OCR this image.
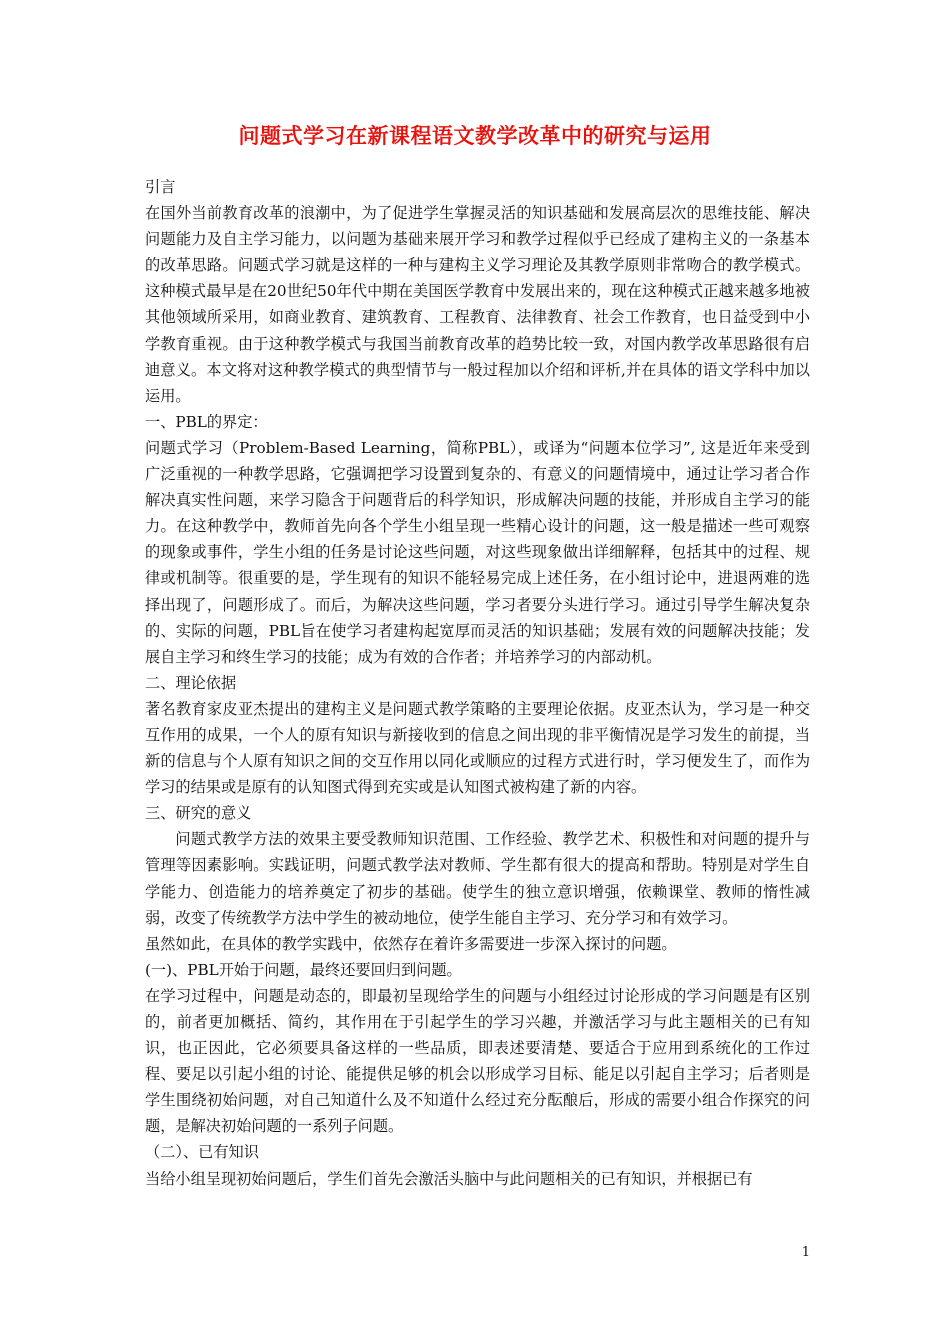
问题式学习在新课程语文教学改革中的研究与运用

引言

在国外当前教育改革的浪潮中，为了促进学生掌握灵活的知识基础和发展高层次的思维技能、解决问题能力及自主学习能力，以问题为基础来展开学习和教学过程似乎已经成了建构主义的一条基本的改革思路。问题式学习就是这样的一种与建构主义学习理论及其教学原则非常吻合的教学模式。这种模式最早是在20世纪50年代中期在美国医学教育中发展出来的，现在这种模式正越来越多地被其他领域所采用，如商业教育、建筑教育、工程教育、法律教育、社会工作教育，也日益受到中小学教育重视。由于这种教学模式与我国当前教育改革的趋势比较一致，对国内教学改革思路很有启迪意义。本文将对这种教学模式的典型情节与一般过程加以介绍和评析,并在具体的语文学科中加以运用。

一、PBL的界定：

问题式学习（Problem-Based Learning，简称PBL），或译为“问题本位学习”, 这是近年来受到广泛重视的一种教学思路，它强调把学习设置到复杂的、有意义的问题情境中，通过让学习者合作解决真实性问题，来学习隐含于问题背后的科学知识，形成解决问题的技能，并形成自主学习的能力。在这种教学中，教师首先向各个学生小组呈现一些精心设计的问题，这一般是描述一些可观察的现象或事件，学生小组的任务是讨论这些问题，对这些现象做出详细解释，包括其中的过程、规律或机制等。很重要的是，学生现有的知识不能轻易完成上述任务，在小组讨论中，进退两难的选择出现了，问题形成了。而后，为解决这些问题，学习者要分头进行学习。通过引导学生解决复杂的、实际的问题，PBL旨在使学习者建构起宽厚而灵活的知识基础；发展有效的问题解决技能；发展自主学习和终生学习的技能；成为有效的合作者；并培养学习的内部动机。

二、理论依据

著名教育家皮亚杰提出的建构主义是问题式教学策略的主要理论依据。皮亚杰认为，学习是一种交互作用的成果，一个人的原有知识与新接收到的信息之间出现的非平衡情况是学习发生的前提，当新的信息与个人原有知识之间的交互作用以同化或顺应的过程方式进行时，学习便发生了，而作为学习的结果或是原有的认知图式得到充实或是认知图式被构建了新的内容。

三、研究的意义

问题式教学方法的效果主要受教师知识范围、工作经验、教学艺术、积极性和对问题的提升与管理等因素影响。实践证明，问题式教学法对教师、学生都有很大的提高和帮助。特别是对学生自学能力、创造能力的培养奠定了初步的基础。使学生的独立意识增强，依赖课堂、教师的惰性减弱，改变了传统教学方法中学生的被动地位，使学生能自主学习、充分学习和有效学习。

虽然如此，在具体的教学实践中，依然存在着许多需要进一步深入探讨的问题。

(一)、PBL开始于问题，最终还要回归到问题。

在学习过程中，问题是动态的，即最初呈现给学生的问题与小组经过讨论形成的学习问题是有区别的，前者更加概括、简约，其作用在于引起学生的学习兴趣，并激活学习与此主题相关的已有知识，也正因此，它必须要具备这样的一些品质，即表述要清楚、要适合于应用到系统化的工作过程、要足以引起小组的讨论、能提供足够的机会以形成学习目标、能足以引起自主学习；后者则是学生围绕初始问题，对自己知道什么及不知道什么经过充分酝酿后，形成的需要小组合作探究的问题，是解决初始问题的一系列子问题。

（二）、已有知识

当给小组呈现初始问题后，学生们首先会激活头脑中与此问题相关的已有知识，并根据已有

1
